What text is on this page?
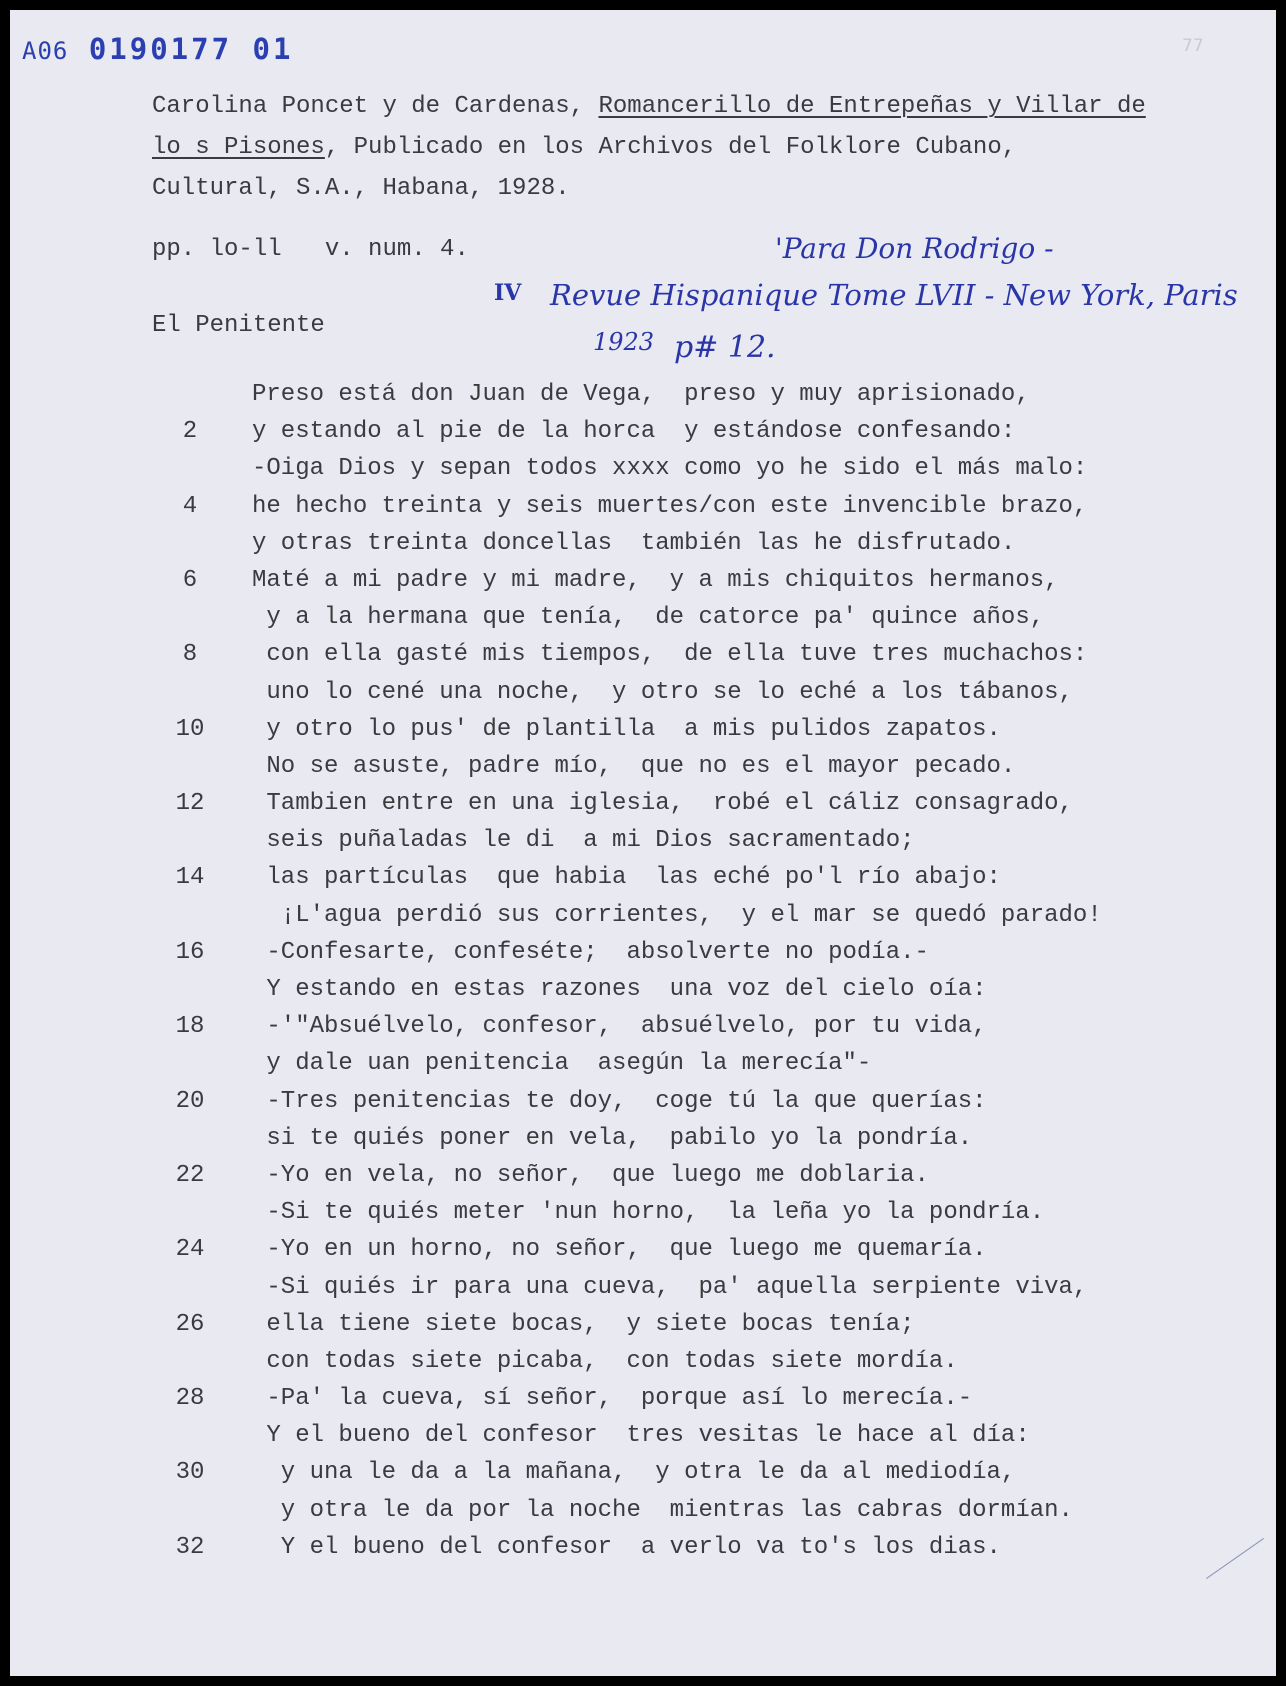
A06 0190177 01	77
Carolina Poncet y de Cardenas, Romancerillo de Entrepeñas y Villar de
lo s Pisones, Publicado en los Archivos del Folklore Cubano,
Cultural, S.A., Habana, 1928.
pp. lo-ll   v. num. 4.
El Penitente
'Para Don Rodrigo -
IV Revue Hispanique Tome LVII - New York, Paris
1923 p# 12.
Preso está don Juan de Vega,  preso y muy aprisionado,
2	y estando al pie de la horca  y estándose confesando:
-Oiga Dios y sepan todos xxxx como yo he sido el más malo:
4	he hecho treinta y seis muertes/con este invencible brazo,
y otras treinta doncellas  también las he disfrutado.
6	Maté a mi padre y mi madre,  y a mis chiquitos hermanos,
y a la hermana que tenía,  de catorce pa' quince años,
8	con ella gasté mis tiempos,  de ella tuve tres muchachos:
uno lo cené una noche,  y otro se lo eché a los tábanos,
10	y otro lo pus' de plantilla  a mis pulidos zapatos.
No se asuste, padre mío,  que no es el mayor pecado.
12	Tambien entre en una iglesia,  robé el cáliz consagrado,
seis puñaladas le di  a mi Dios sacramentado;
14	las partículas  que habia  las eché po'l río abajo:
¡L'agua perdió sus corrientes,  y el mar se quedó parado!
16	-Confesarte, confeséte;  absolverte no podía.-
Y estando en estas razones  una voz del cielo oía:
18	-'"Absuélvelo, confesor,  absuélvelo, por tu vida,
y dale uan penitencia  asegún la merecía"-
20	-Tres penitencias te doy,  coge tú la que querías:
si te quiés poner en vela,  pabilo yo la pondría.
22	-Yo en vela, no señor,  que luego me doblaria.
-Si te quiés meter 'nun horno,  la leña yo la pondría.
24	-Yo en un horno, no señor,  que luego me quemaría.
-Si quiés ir para una cueva,  pa' aquella serpiente viva,
26	ella tiene siete bocas,  y siete bocas tenía;
con todas siete picaba,  con todas siete mordía.
28	-Pa' la cueva, sí señor,  porque así lo merecía.-
Y el bueno del confesor  tres vesitas le hace al día:
30	y una le da a la mañana,  y otra le da al mediodía,
y otra le da por la noche  mientras las cabras dormían.
32	Y el bueno del confesor  a verlo va to's los dias.
